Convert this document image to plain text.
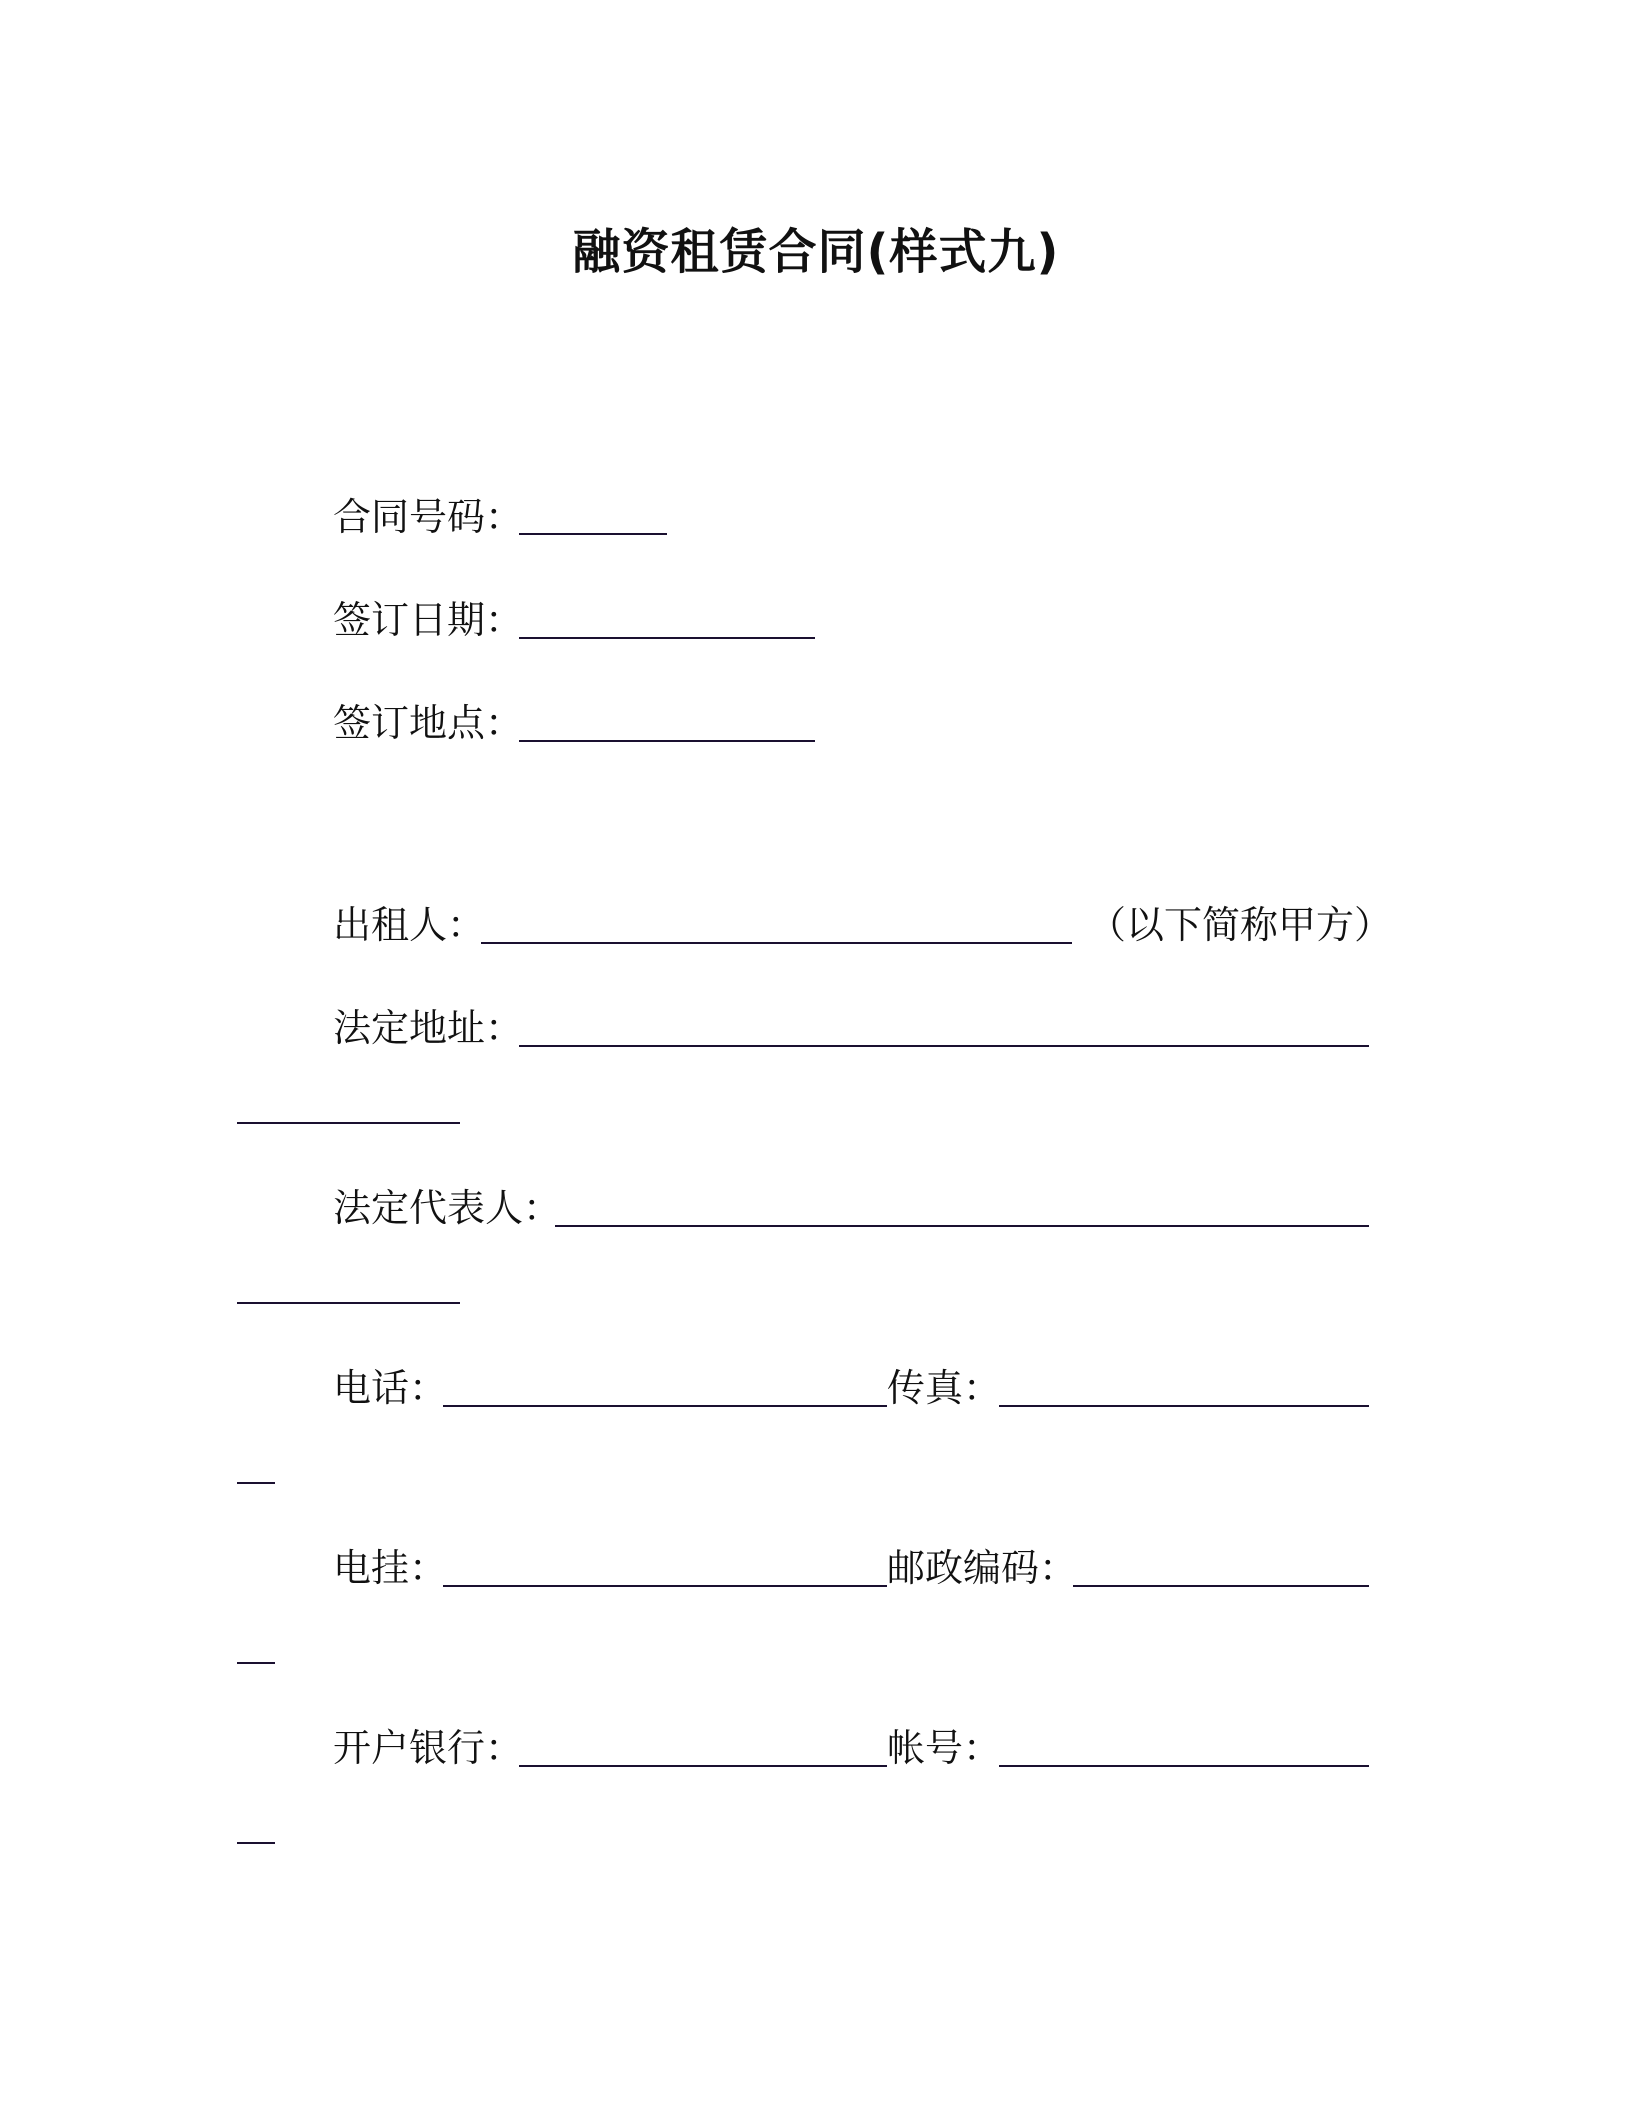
融资租赁合同(样式九)
合同号码：
签订日期：
签订地点：
出租人：	（以下简称甲方）
法定地址：
法定代表人：
电话：	传真：
电挂：	邮政编码：
开户银行：	帐号：
